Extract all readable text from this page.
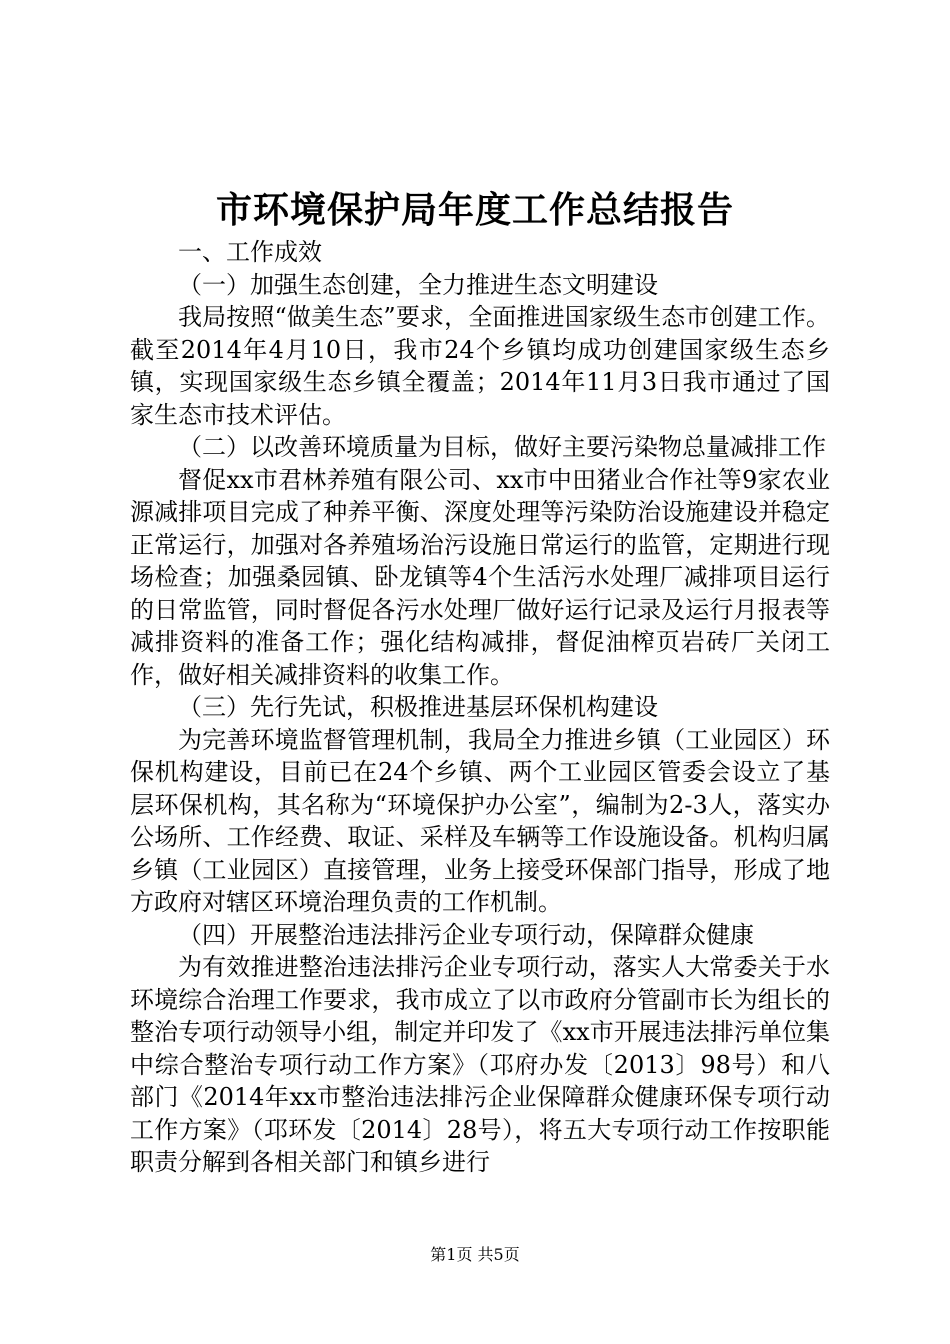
市环境保护局年度工作总结报告

一、工作成效

（一）加强生态创建，全力推进生态文明建设

我局按照“做美生态”要求，全面推进国家级生态市创建工作。截至2014年4月10日，我市24个乡镇均成功创建国家级生态乡镇，实现国家级生态乡镇全覆盖；2014年11月3日我市通过了国家生态市技术评估。

（二）以改善环境质量为目标，做好主要污染物总量减排工作

督促xx市君林养殖有限公司、xx市中田猪业合作社等9家农业源减排项目完成了种养平衡、深度处理等污染防治设施建设并稳定正常运行，加强对各养殖场治污设施日常运行的监管，定期进行现场检查；加强桑园镇、卧龙镇等4个生活污水处理厂减排项目运行的日常监管，同时督促各污水处理厂做好运行记录及运行月报表等减排资料的准备工作；强化结构减排，督促油榨页岩砖厂关闭工作，做好相关减排资料的收集工作。

（三）先行先试，积极推进基层环保机构建设

为完善环境监督管理机制，我局全力推进乡镇（工业园区）环保机构建设，目前已在24个乡镇、两个工业园区管委会设立了基层环保机构，其名称为“环境保护办公室”，编制为2-3人，落实办公场所、工作经费、取证、采样及车辆等工作设施设备。机构归属乡镇（工业园区）直接管理，业务上接受环保部门指导，形成了地方政府对辖区环境治理负责的工作机制。

（四）开展整治违法排污企业专项行动，保障群众健康

为有效推进整治违法排污企业专项行动，落实人大常委关于水环境综合治理工作要求，我市成立了以市政府分管副市长为组长的整治专项行动领导小组，制定并印发了《xx市开展违法排污单位集中综合整治专项行动工作方案》（邛府办发〔2013〕98号）和八部门《2014年xx市整治违法排污企业保障群众健康环保专项行动工作方案》（邛环发〔2014〕28号），将五大专项行动工作按职能职责分解到各相关部门和镇乡进行

第1页 共5页
